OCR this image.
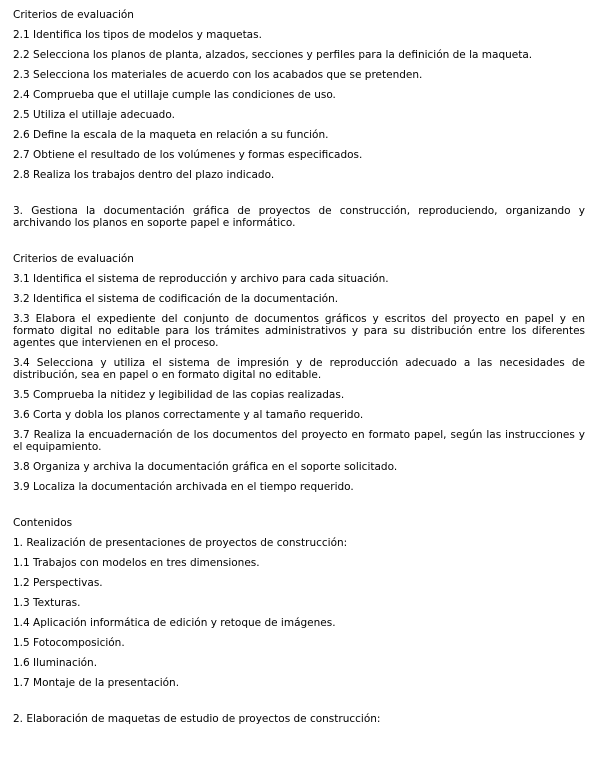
Criterios de evaluación

2.1 Identifica los tipos de modelos y maquetas.

2.2 Selecciona los planos de planta, alzados, secciones y perfiles para la definición de la maqueta.

2.3 Selecciona los materiales de acuerdo con los acabados que se pretenden.

2.4 Comprueba que el utillaje cumple las condiciones de uso.

2.5 Utiliza el utillaje adecuado.

2.6 Define la escala de la maqueta en relación a su función.

2.7 Obtiene el resultado de los volúmenes y formas especificados.

2.8 Realiza los trabajos dentro del plazo indicado.

3. Gestiona la documentación gráfica de proyectos de construcción, reproduciendo, organizando y archivando los planos en soporte papel e informático.

Criterios de evaluación

3.1 Identifica el sistema de reproducción y archivo para cada situación.

3.2 Identifica el sistema de codificación de la documentación.

3.3 Elabora el expediente del conjunto de documentos gráficos y escritos del proyecto en papel y en formato digital no editable para los trámites administrativos y para su distribución entre los diferentes agentes que intervienen en el proceso.

3.4 Selecciona y utiliza el sistema de impresión y de reproducción adecuado a las necesidades de distribución, sea en papel o en formato digital no editable.

3.5 Comprueba la nitidez y legibilidad de las copias realizadas.

3.6 Corta y dobla los planos correctamente y al tamaño requerido.

3.7 Realiza la encuadernación de los documentos del proyecto en formato papel, según las instrucciones y el equipamiento.

3.8 Organiza y archiva la documentación gráfica en el soporte solicitado.

3.9 Localiza la documentación archivada en el tiempo requerido.

Contenidos

1. Realización de presentaciones de proyectos de construcción:

1.1 Trabajos con modelos en tres dimensiones.

1.2 Perspectivas.

1.3 Texturas.

1.4 Aplicación informática de edición y retoque de imágenes.

1.5 Fotocomposición.

1.6 Iluminación.

1.7 Montaje de la presentación.

2. Elaboración de maquetas de estudio de proyectos de construcción:
